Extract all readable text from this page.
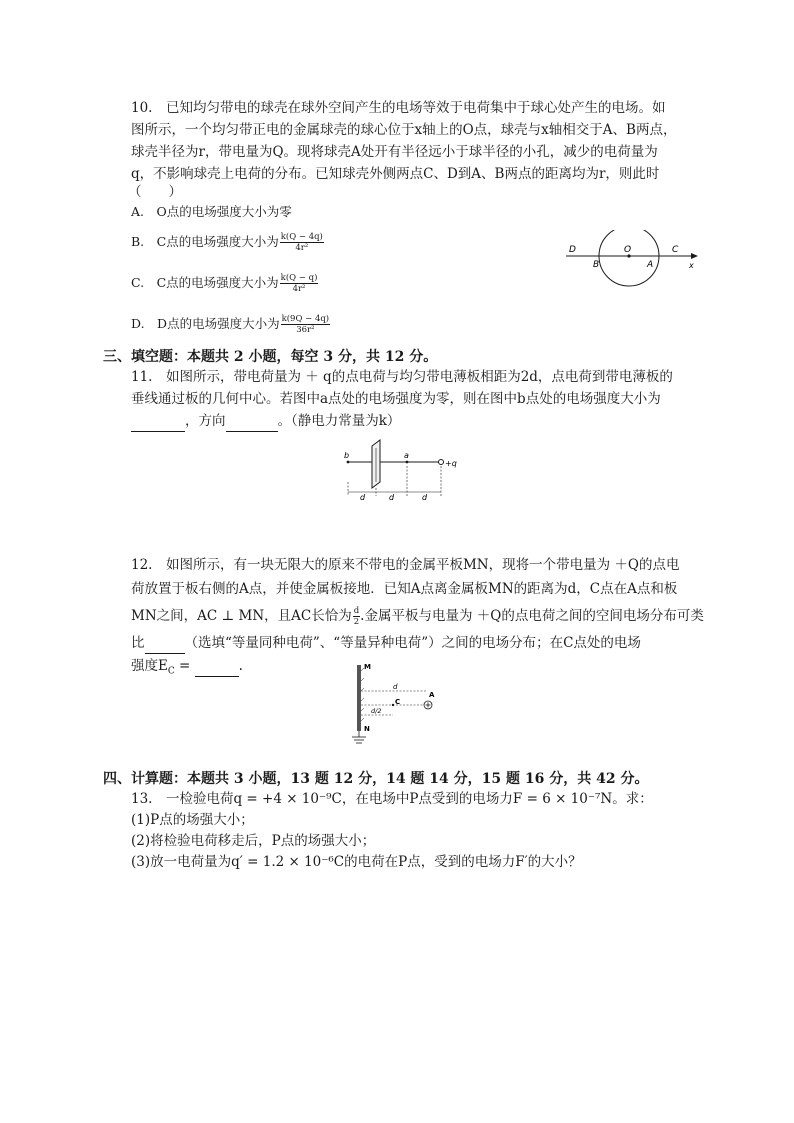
10.　已知均匀带电的球壳在球外空间产生的电场等效于电荷集中于球心处产生的电场。如
图所示，一个均匀带正电的金属球壳的球心位于x轴上的O点，球壳与x轴相交于A、B两点，
球壳半径为r，带电量为Q。现将球壳A处开有半径远小于球半径的小孔，减少的电荷量为
q，不影响球壳上电荷的分布。已知球壳外侧两点C、D到A、B两点的距离均为r，则此时
（　　）
A.　O点的电场强度大小为零
B.　C点的电场强度大小为 $\frac{k(Q - 4q)}{\text{4r²}}$
C.　C点的电场强度大小为 $\frac{k(Q - q)}{\text{4r²}}$
D.　D点的电场强度大小为 $\frac{k(9Q - 4q)}{\text{36r²}}$
D
B
O
A
C
x
三、填空题：本题共 2 小题，每空 3 分，共 12 分。
11.　如图所示，带电荷量为 ＋ q的点电荷与均匀带电薄板相距为2d，点电荷到带电薄板的
垂线通过板的几何中心。若图中a点处的电场强度为零，则在图中b点处的电场强度大小为
，方向	。（静电力常量为k）
b	a
+q
d	d	d
12.　如图所示，有一块无限大的原来不带电的金属平板MN，现将一个带电量为 ＋Q的点电
荷放置于板右侧的A点，并使金属板接地．已知A点离金属板MN的距离为d，C点在A点和板
MN之间，AC ⊥ MN，且AC长恰为 $\frac{d}{2}$ .金属平板与电量为 ＋Q的点电荷之间的空间电场分布可类
比	（选填“等量同种电荷”、“等量异种电荷”）之间的电场分布；在C点处的电场
强度$E_C$ =	.	M
N
d
d/2
C
A
四、计算题：本题共 3 小题，13 题 12 分，14 题 14 分，15 题 16 分，共 42 分。
13.　一检验电荷q = +4 × 10⁻⁹C，在电场中P点受到的电场力F = 6 × 10⁻⁷N。求：
(1)P点的场强大小；
(2)将检验电荷移走后，P点的场强大小；
(3)放一电荷量为q′ = 1.2 × 10⁻⁶C的电荷在P点，受到的电场力F′的大小？
